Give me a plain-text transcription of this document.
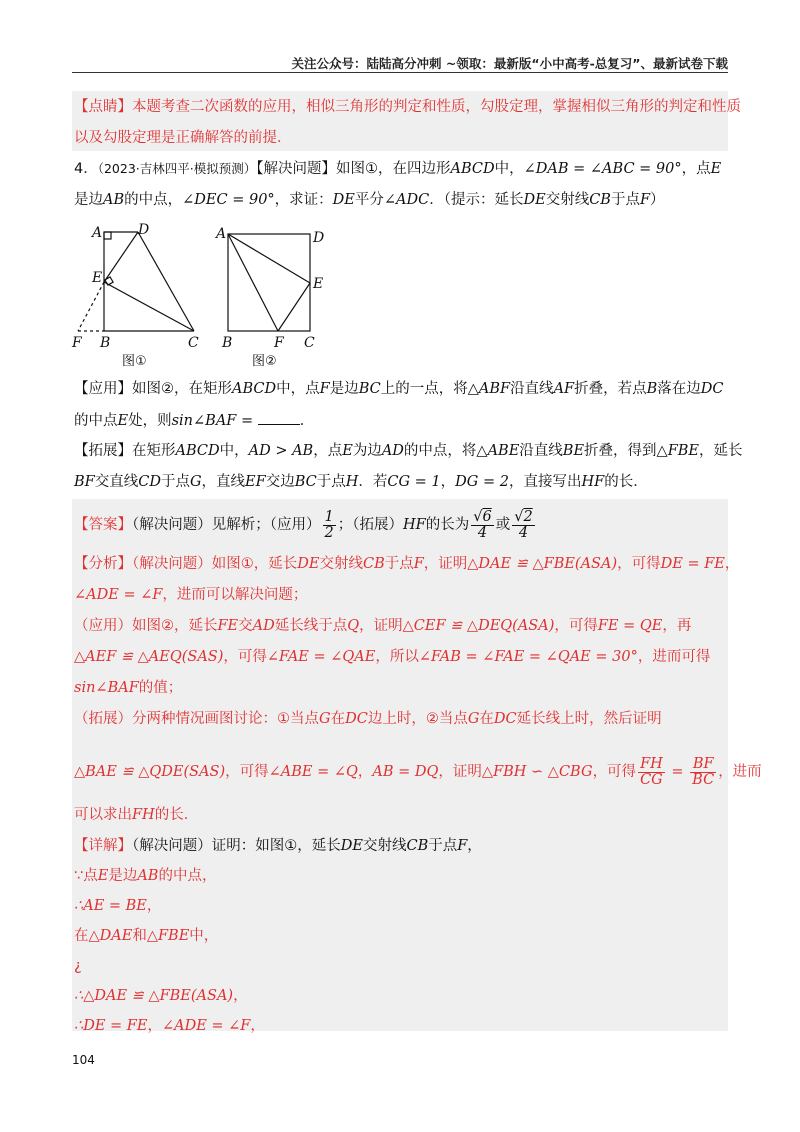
关注公众号：陆陆高分冲刺 ~领取：最新版“小中高考-总复习”、最新试卷下载
【点睛】本题考查二次函数的应用，相似三角形的判定和性质，勾股定理，掌握相似三角形的判定和性质
以及勾股定理是正确解答的前提．
4．（2023·吉林四平·模拟预测）【解决问题】如图①，在四边形ABCD中，∠DAB = ∠ABC = 90°，点E
是边AB的中点，∠DEC = 90°，求证：DE平分∠ADC．（提示：延长DE交射线CB于点F）
A	D
E
F B	C
图①
A	D
E
B	F C
图②
【应用】如图②，在矩形ABCD中，点F是边BC上的一点，将△ABF沿直线AF折叠，若点B落在边DC
的中点E处，则sin∠BAF =	．
【拓展】在矩形ABCD中，AD > AB，点E为边AD的中点，将△ABE沿直线BE折叠，得到△FBE，延长
BF交直线CD于点G，直线EF交边BC于点H．若CG = 1，DG = 2，直接写出HF的长．
【答案】（解决问题）见解析；（应用） $\frac{1}{2}$ ；（拓展）HF的长为 $\frac{√6}{4}$ 或 $\frac{√2}{4}$
【分析】（解决问题）如图①，延长DE交射线CB于点F，证明△DAE ≌ △FBE(ASA)，可得DE = FE，
∠ADE = ∠F，进而可以解决问题；
（应用）如图②，延长FE交AD延长线于点Q，证明△CEF ≌ △DEQ(ASA)，可得FE = QE，再
△AEF ≌ △AEQ(SAS)，可得∠FAE = ∠QAE，所以∠FAB = ∠FAE = ∠QAE = 30°，进而可得
sin∠BAF的值；
（拓展）分两种情况画图讨论：①当点G在DC边上时，②当点G在DC延长线上时，然后证明
△BAE ≌ △QDE(SAS)，可得∠ABE = ∠Q，AB = DQ，证明△FBH ∽ △CBG，可得 $\frac{FH}{CG} = \frac{BF}{BC}$ ，进而
可以求出FH的长．
【详解】（解决问题）证明：如图①，延长DE交射线CB于点F，
∵点E是边AB的中点，
∴AE = BE，
在△DAE和△FBE中，
¿
∴△DAE ≌ △FBE(ASA)，
∴DE = FE，∠ADE = ∠F，
104
